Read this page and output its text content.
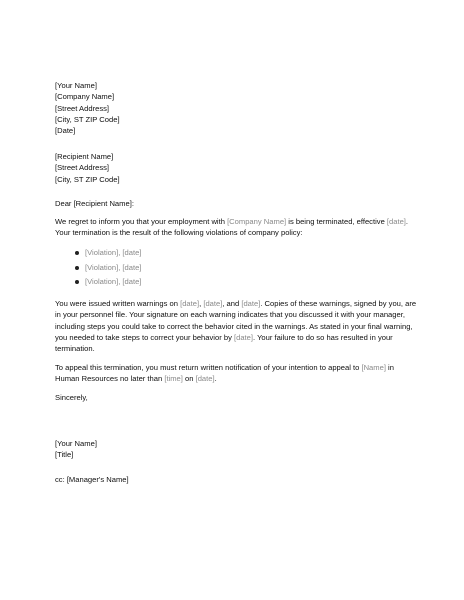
[Your Name]
[Company Name]
[Street Address]
[City, ST ZIP Code]
[Date]
[Recipient Name]
[Street Address]
[City, ST ZIP Code]
Dear [Recipient Name]:
We regret to inform you that your employment with [Company Name] is being terminated, effective [date].
Your termination is the result of the following violations of company policy:
[Violation], [date]
[Violation], [date]
[Violation], [date]
You were issued written warnings on [date], [date], and [date]. Copies of these warnings, signed by you, are
in your personnel file. Your signature on each warning indicates that you discussed it with your manager,
including steps you could take to correct the behavior cited in the warnings. As stated in your final warning,
you needed to take steps to correct your behavior by [date]. Your failure to do so has resulted in your
termination.
To appeal this termination, you must return written notification of your intention to appeal to [Name] in
Human Resources no later than [time] on [date].
Sincerely,
[Your Name]
[Title]
cc: [Manager's Name]
